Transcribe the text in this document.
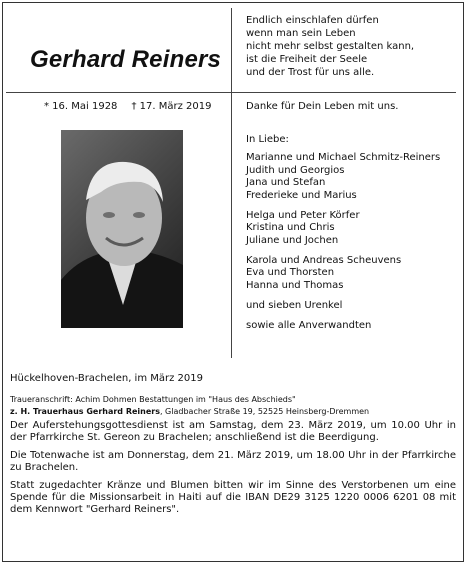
Gerhard Reiners
Endlich einschlafen dürfen
wenn man sein Leben
nicht mehr selbst gestalten kann,
ist die Freiheit der Seele
und der Trost für uns alle.
* 16. Mai 1928 † 17. März 2019	Danke für Dein Leben mit uns.
In Liebe:
Marianne und Michael Schmitz-Reiners
Judith und Georgios
Jana und Stefan
Frederieke und Marius
Helga und Peter Körfer
Kristina und Chris
Juliane und Jochen
Karola und Andreas Scheuvens
Eva und Thorsten
Hanna und Thomas
und sieben Urenkel
sowie alle Anverwandten
Hückelhoven-Brachelen, im März 2019
Traueranschrift: Achim Dohmen Bestattungen im "Haus des Abschieds"
z. H. Trauerhaus Gerhard Reiners, Gladbacher Straße 19, 52525 Heinsberg-Dremmen

Der Auferstehungsgottesdienst ist am Samstag, dem 23. März 2019, um 10.00 Uhr in der Pfarrkirche St. Gereon zu Brachelen; anschließend ist die Beerdigung.

Die Totenwache ist am Donnerstag, dem 21. März 2019, um 18.00 Uhr in der Pfarrkirche zu Brachelen.

Statt zugedachter Kränze und Blumen bitten wir im Sinne des Verstorbenen um eine Spende für die Missionsarbeit in Haiti auf die IBAN DE29 3125 1220 0006 6201 08 mit dem Kennwort "Gerhard Reiners".
